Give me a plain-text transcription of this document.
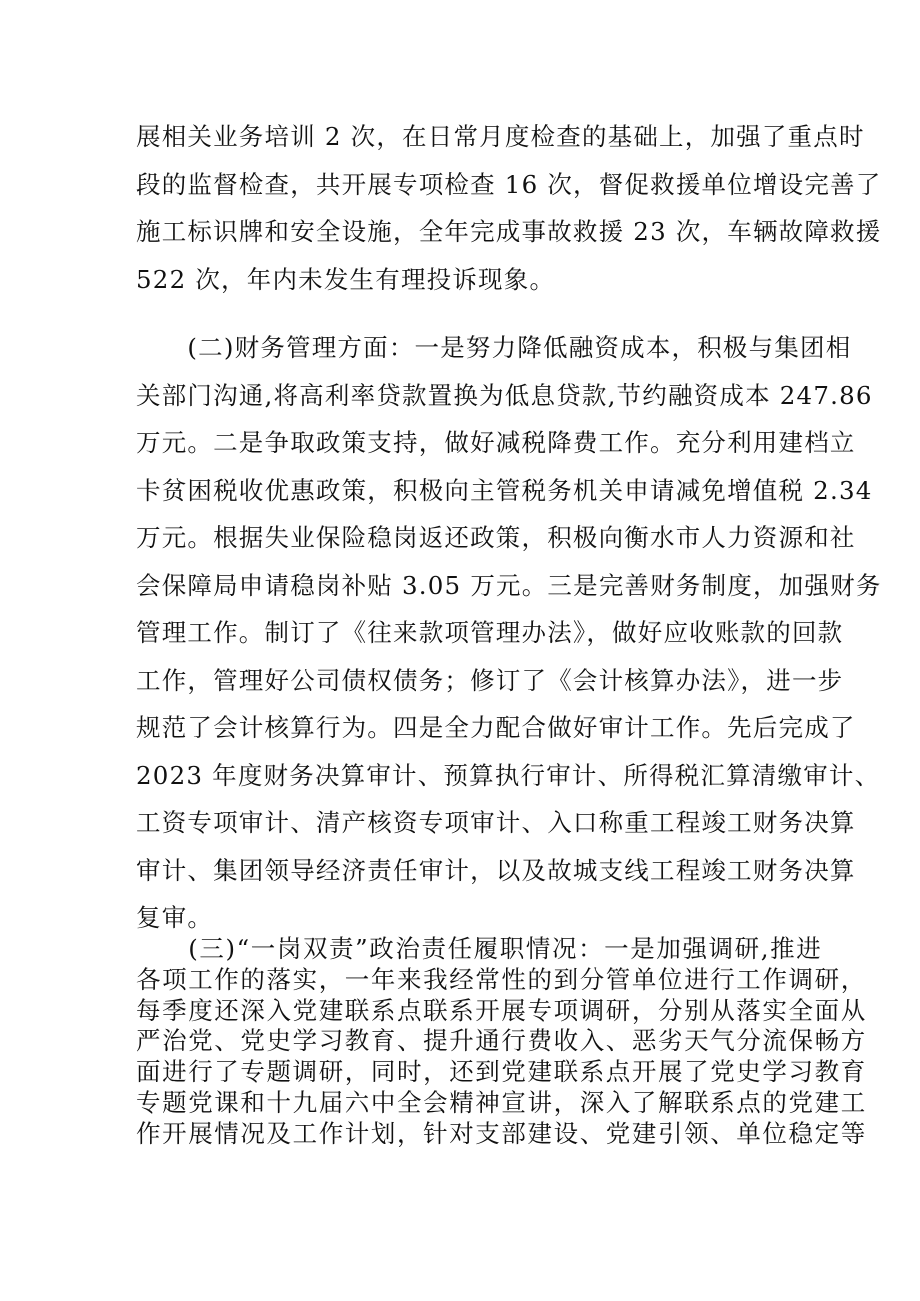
展相关业务培训 2 次，在日常月度检查的基础上，加强了重点时
段的监督检查，共开展专项检查 16 次，督促救援单位增设完善了
施工标识牌和安全设施，全年完成事故救援 23 次，车辆故障救援
522 次，年内未发生有理投诉现象。
　　(二)财务管理方面：一是努力降低融资成本，积极与集团相
关部门沟通,将高利率贷款置换为低息贷款,节约融资成本 247.86
万元。二是争取政策支持，做好减税降费工作。充分利用建档立
卡贫困税收优惠政策，积极向主管税务机关申请减免增值税 2.34
万元。根据失业保险稳岗返还政策，积极向衡水市人力资源和社
会保障局申请稳岗补贴 3.05 万元。三是完善财务制度，加强财务
管理工作。制订了《往来款项管理办法》，做好应收账款的回款
工作，管理好公司债权债务；修订了《会计核算办法》，进一步
规范了会计核算行为。四是全力配合做好审计工作。先后完成了
2023 年度财务决算审计、预算执行审计、所得税汇算清缴审计、
工资专项审计、清产核资专项审计、入口称重工程竣工财务决算
审计、集团领导经济责任审计，以及故城支线工程竣工财务决算
复审。
　　(三)“一岗双责”政治责任履职情况：一是加强调研,推进
各项工作的落实，一年来我经常性的到分管单位进行工作调研，
每季度还深入党建联系点联系开展专项调研，分别从落实全面从
严治党、党史学习教育、提升通行费收入、恶劣天气分流保畅方
面进行了专题调研，同时，还到党建联系点开展了党史学习教育
专题党课和十九届六中全会精神宣讲，深入了解联系点的党建工
作开展情况及工作计划，针对支部建设、党建引领、单位稳定等
